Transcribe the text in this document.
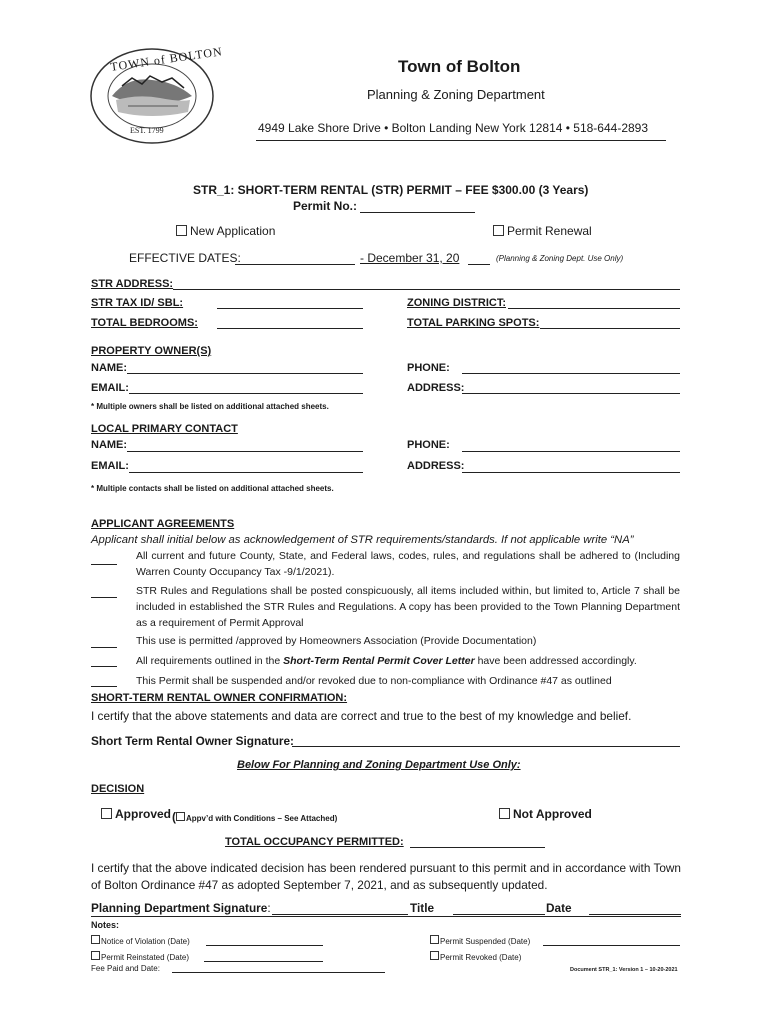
TOWN of BOLTON
EST. 1799
Town of Bolton
Planning & Zoning Department
4949 Lake Shore Drive • Bolton Landing New York 12814 • 518-644-2893
STR_1: SHORT-TERM RENTAL (STR) PERMIT – FEE $300.00 (3 Years)
Permit No.:
New Application	Permit Renewal
EFFECTIVE DATES:	- December 31, 20	(Planning & Zoning Dept. Use Only)
STR ADDRESS:
STR TAX ID/ SBL:	ZONING DISTRICT:
TOTAL BEDROOMS:	TOTAL PARKING SPOTS:
PROPERTY OWNER(S)
NAME:	PHONE:
EMAIL:	ADDRESS:
* Multiple owners shall be listed on additional attached sheets.
LOCAL PRIMARY CONTACT
NAME:	PHONE:
EMAIL:	ADDRESS:
* Multiple contacts shall be listed on additional attached sheets.
APPLICANT AGREEMENTS
Applicant shall initial below as acknowledgement of STR requirements/standards. If not applicable write “NA”
All current and future County, State, and Federal laws, codes, rules, and regulations shall be adhered to (Including Warren County Occupancy Tax -9/1/2021).
STR Rules and Regulations shall be posted conspicuously, all items included within, but limited to, Article 7 shall be included in established the STR Rules and Regulations. A copy has been provided to the Town Planning Department as a requirement of Permit Approval
This use is permitted /approved by Homeowners Association (Provide Documentation)
All requirements outlined in the Short-Term Rental Permit Cover Letter have been addressed accordingly.
This Permit shall be suspended and/or revoked due to non-compliance with Ordinance #47 as outlined
SHORT-TERM RENTAL OWNER CONFIRMATION:
I certify that the above statements and data are correct and true to the best of my knowledge and belief.
Short Term Rental Owner Signature:
Below For Planning and Zoning Department Use Only:
DECISION
Approved ( Appv’d with Conditions – See Attached)	Not Approved
TOTAL OCCUPANCY PERMITTED:
I certify that the above indicated decision has been rendered pursuant to this permit and in accordance with Town of Bolton Ordinance #47 as adopted September 7, 2021, and as subsequently updated.
Planning Department Signature:	Title	Date
Notes:
Notice of Violation (Date)	Permit Suspended (Date)
Permit Reinstated (Date)	Permit Revoked (Date)
Fee Paid and Date:	Document STR_1: Version 1 – 10-20-2021
